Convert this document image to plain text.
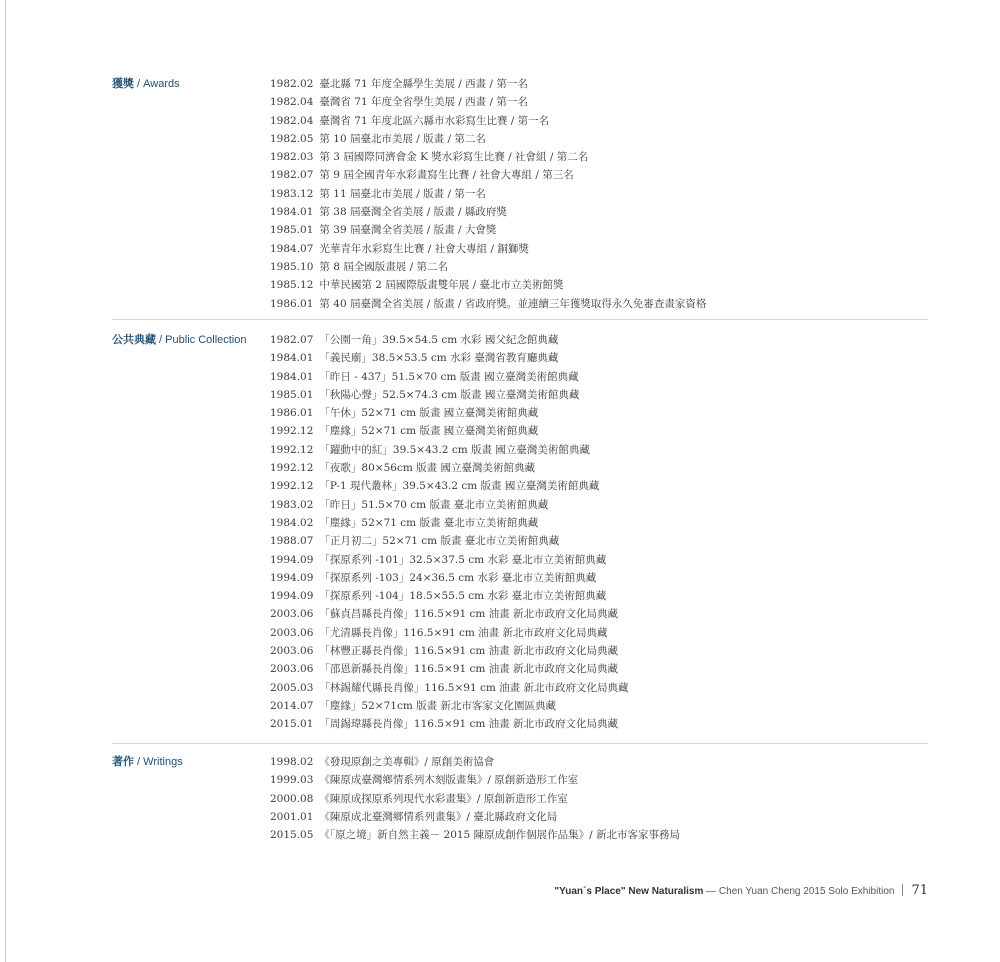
獲獎 / Awards	1982.02 臺北縣 71 年度全縣學生美展 / 西畫 / 第一名
1982.04 臺灣省 71 年度全省學生美展 / 西畫 / 第一名
1982.04 臺灣省 71 年度北區六縣市水彩寫生比賽 / 第一名
1982.05 第 10 屆臺北市美展 / 版畫 / 第二名
1982.03 第 3 屆國際同濟會金 K 獎水彩寫生比賽 / 社會組 / 第二名
1982.07 第 9 屆全國青年水彩畫寫生比賽 / 社會大專組 / 第三名
1983.12 第 11 屆臺北市美展 / 版畫 / 第一名
1984.01 第 38 屆臺灣全省美展 / 版畫 / 縣政府獎
1985.01 第 39 屆臺灣全省美展 / 版畫 / 大會獎
1984.07 光華青年水彩寫生比賽 / 社會大專組 / 銅獅獎
1985.10 第 8 屆全國版畫展 / 第二名
1985.12 中華民國第 2 屆國際版畫雙年展 / 臺北市立美術館獎
1986.01 第 40 屆臺灣全省美展 / 版畫 / 省政府獎。並連續三年獲獎取得永久免審查畫家資格
公共典藏 / Public Collection 1982.07 「公園一角」39.5×54.5 cm 水彩 國父紀念館典藏
1984.01 「義民廟」38.5×53.5 cm 水彩 臺灣省教育廳典藏
1984.01 「昨日 - 437」51.5×70 cm 版畫 國立臺灣美術館典藏
1985.01 「秋陽心聲」52.5×74.3 cm 版畫 國立臺灣美術館典藏
1986.01 「午休」52×71 cm 版畫 國立臺灣美術館典藏
1992.12 「塵緣」52×71 cm 版畫 國立臺灣美術館典藏
1992.12 「躍動中的紅」39.5×43.2 cm 版畫 國立臺灣美術館典藏
1992.12 「夜歌」80×56cm 版畫 國立臺灣美術館典藏
1992.12 「P-1 現代叢林」39.5×43.2 cm 版畫 國立臺灣美術館典藏
1983.02 「昨日」51.5×70 cm 版畫 臺北市立美術館典藏
1984.02 「塵緣」52×71 cm 版畫 臺北市立美術館典藏
1988.07 「正月初二」52×71 cm 版畫 臺北市立美術館典藏
1994.09 「探原系列 -101」32.5×37.5 cm 水彩 臺北市立美術館典藏
1994.09 「探原系列 -103」24×36.5 cm 水彩 臺北市立美術館典藏
1994.09 「探原系列 -104」18.5×55.5 cm 水彩 臺北市立美術館典藏
2003.06 「蘇貞昌縣長肖像」116.5×91 cm 油畫 新北市政府文化局典藏
2003.06 「尤清縣長肖像」116.5×91 cm 油畫 新北市政府文化局典藏
2003.06 「林豐正縣長肖像」116.5×91 cm 油畫 新北市政府文化局典藏
2003.06 「邵恩新縣長肖像」116.5×91 cm 油畫 新北市政府文化局典藏
2005.03 「林錫耀代縣長肖像」116.5×91 cm 油畫 新北市政府文化局典藏
2014.07 「塵緣」52×71cm 版畫 新北市客家文化園區典藏
2015.01 「周錫瑋縣長肖像」116.5×91 cm 油畫 新北市政府文化局典藏
著作 / Writings	1998.02 《發現原創之美專輯》/ 原創美術協會
1999.03 《陳原成臺灣鄉情系列木刻版畫集》/ 原創新造形工作室
2000.08 《陳原成探原系列現代水彩畫集》/ 原創新造形工作室
2001.01 《陳原成北臺灣鄉情系列畫集》/ 臺北縣政府文化局
2015.05 《「原之境」新自然主義－ 2015 陳原成創作個展作品集》/ 新北市客家事務局
"Yuan´s Place" New Naturalism — Chen Yuan Cheng 2015 Solo Exhibition 71
